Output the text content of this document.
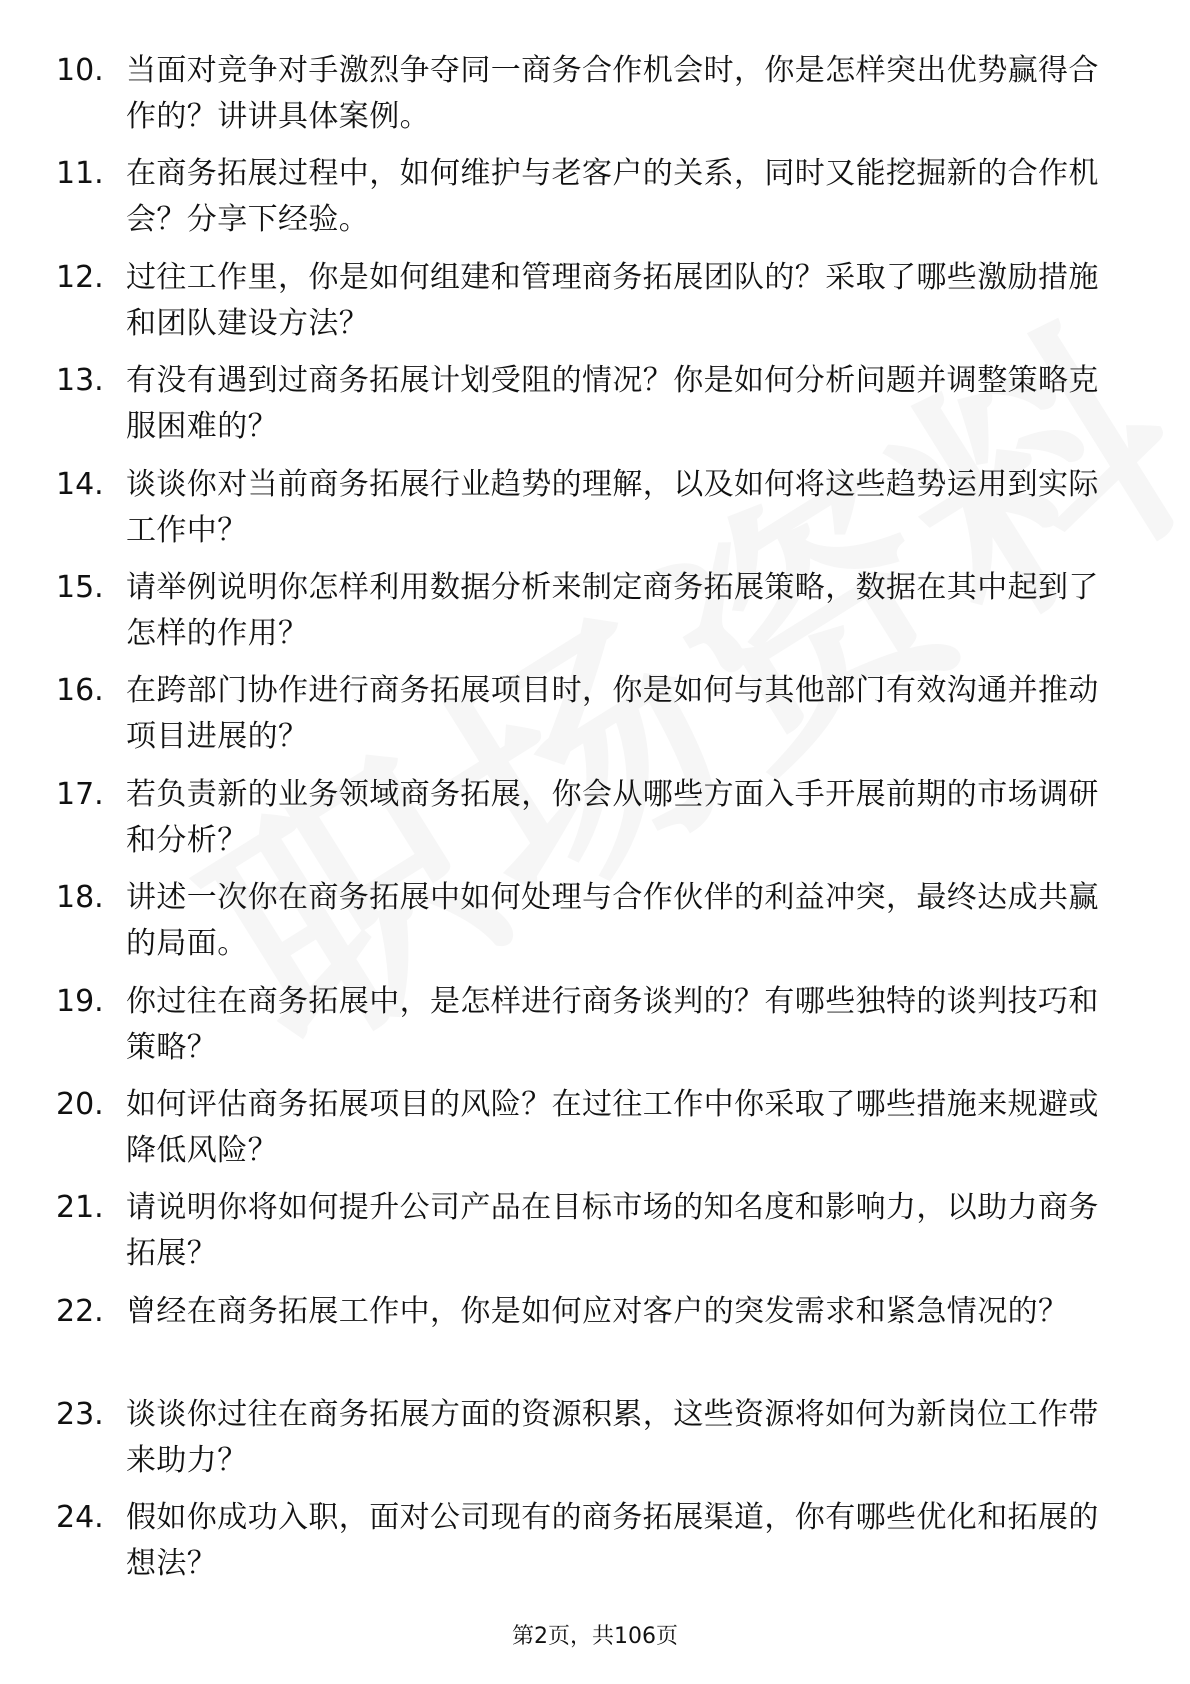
10. 当面对竞争对手激烈争夺同一商务合作机会时，你是怎样突出优势赢得合作的？讲讲具体案例。
11. 在商务拓展过程中，如何维护与老客户的关系，同时又能挖掘新的合作机会？分享下经验。
12. 过往工作里，你是如何组建和管理商务拓展团队的？采取了哪些激励措施和团队建设方法？
13. 有没有遇到过商务拓展计划受阻的情况？你是如何分析问题并调整策略克服困难的？
14. 谈谈你对当前商务拓展行业趋势的理解，以及如何将这些趋势运用到实际工作中？
15. 请举例说明你怎样利用数据分析来制定商务拓展策略，数据在其中起到了怎样的作用？
16. 在跨部门协作进行商务拓展项目时，你是如何与其他部门有效沟通并推动项目进展的？
17. 若负责新的业务领域商务拓展，你会从哪些方面入手开展前期的市场调研和分析？
18. 讲述一次你在商务拓展中如何处理与合作伙伴的利益冲突，最终达成共赢的局面。
19. 你过往在商务拓展中，是怎样进行商务谈判的？有哪些独特的谈判技巧和策略？
20. 如何评估商务拓展项目的风险？在过往工作中你采取了哪些措施来规避或降低风险？
21. 请说明你将如何提升公司产品在目标市场的知名度和影响力，以助力商务拓展？
22. 曾经在商务拓展工作中，你是如何应对客户的突发需求和紧急情况的？
23. 谈谈你过往在商务拓展方面的资源积累，这些资源将如何为新岗位工作带来助力？
24. 假如你成功入职，面对公司现有的商务拓展渠道，你有哪些优化和拓展的想法？
第2页，共106页
